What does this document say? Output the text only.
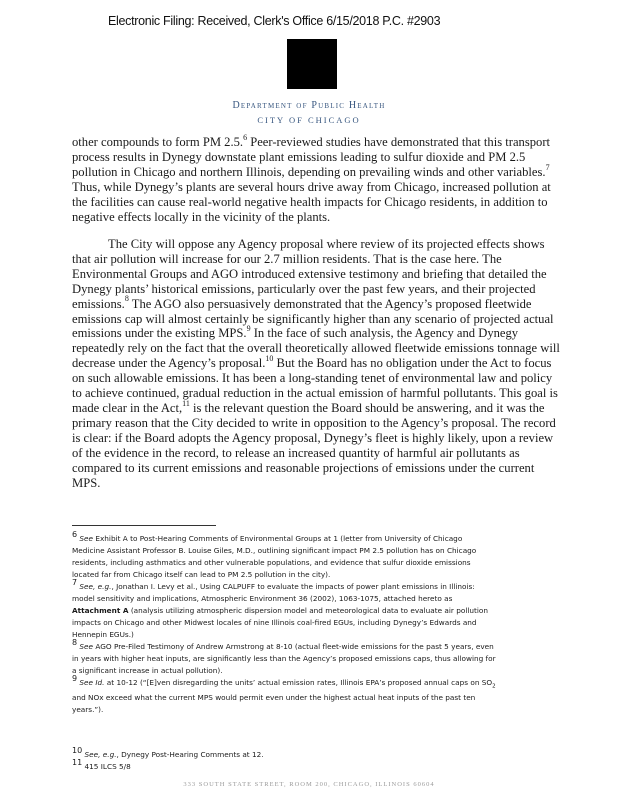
Electronic Filing: Received, Clerk's Office 6/15/2018 P.C. #2903
Department of Public Health
CITY OF CHICAGO
other compounds to form PM 2.5.$^6$ Peer-reviewed studies have demonstrated that this transport
process results in Dynegy downstate plant emissions leading to sulfur dioxide and PM 2.5
pollution in Chicago and northern Illinois, depending on prevailing winds and other variables.$^7$
Thus, while Dynegy’s plants are several hours drive away from Chicago, increased pollution at
the facilities can cause real-world negative health impacts for Chicago residents, in addition to
negative effects locally in the vicinity of the plants.
The City will oppose any Agency proposal where review of its projected effects shows
that air pollution will increase for our 2.7 million residents. That is the case here. The
Environmental Groups and AGO introduced extensive testimony and briefing that detailed the
Dynegy plants’ historical emissions, particularly over the past few years, and their projected
emissions.$^8$ The AGO also persuasively demonstrated that the Agency’s proposed fleetwide
emissions cap will almost certainly be significantly higher than any scenario of projected actual
emissions under the existing MPS.$^9$ In the face of such analysis, the Agency and Dynegy
repeatedly rely on the fact that the overall theoretically allowed fleetwide emissions tonnage will
decrease under the Agency’s proposal.$^{10}$ But the Board has no obligation under the Act to focus
on such allowable emissions. It has been a long-standing tenet of environmental law and policy
to achieve continued, gradual reduction in the actual emission of harmful pollutants. This goal is
made clear in the Act,$^{11}$ is the relevant question the Board should be answering, and it was the
primary reason that the City decided to write in opposition to the Agency’s proposal. The record
is clear: if the Board adopts the Agency proposal, Dynegy’s fleet is highly likely, upon a review
of the evidence in the record, to release an increased quantity of harmful air pollutants as
compared to its current emissions and reasonable projections of emissions under the current
MPS.
$^6$ See Exhibit A to Post-Hearing Comments of Environmental Groups at 1 (letter from University of Chicago
Medicine Assistant Professor B. Louise Giles, M.D., outlining significant impact PM 2.5 pollution has on Chicago
residents, including asthmatics and other vulnerable populations, and evidence that sulfur dioxide emissions
located far from Chicago itself can lead to PM 2.5 pollution in the city).
$^7$ See, e.g., Jonathan I. Levy et al., Using CALPUFF to evaluate the impacts of power plant emissions in Illinois:
model sensitivity and implications, Atmospheric Environment 36 (2002), 1063-1075, attached hereto as
Attachment A (analysis utilizing atmospheric dispersion model and meteorological data to evaluate air pollution
impacts on Chicago and other Midwest locales of nine Illinois coal-fired EGUs, including Dynegy’s Edwards and
Hennepin EGUs.)
$^8$ See AGO Pre-Filed Testimony of Andrew Armstrong at 8-10 (actual fleet-wide emissions for the past 5 years, even
in years with higher heat inputs, are significantly less than the Agency’s proposed emissions caps, thus allowing for
a significant increase in actual pollution).
$^9$ See Id. at 10-12 (“[E]ven disregarding the units’ actual emission rates, Illinois EPA’s proposed annual caps on $SO_2$
and NOx exceed what the current MPS would permit even under the highest actual heat inputs of the past ten
years.”).
$^{10}$ See, e.g., Dynegy Post-Hearing Comments at 12.
$^{11}$ 415 ILCS 5/8
333 SOUTH STATE STREET, ROOM 200, CHICAGO, ILLINOIS 60604
